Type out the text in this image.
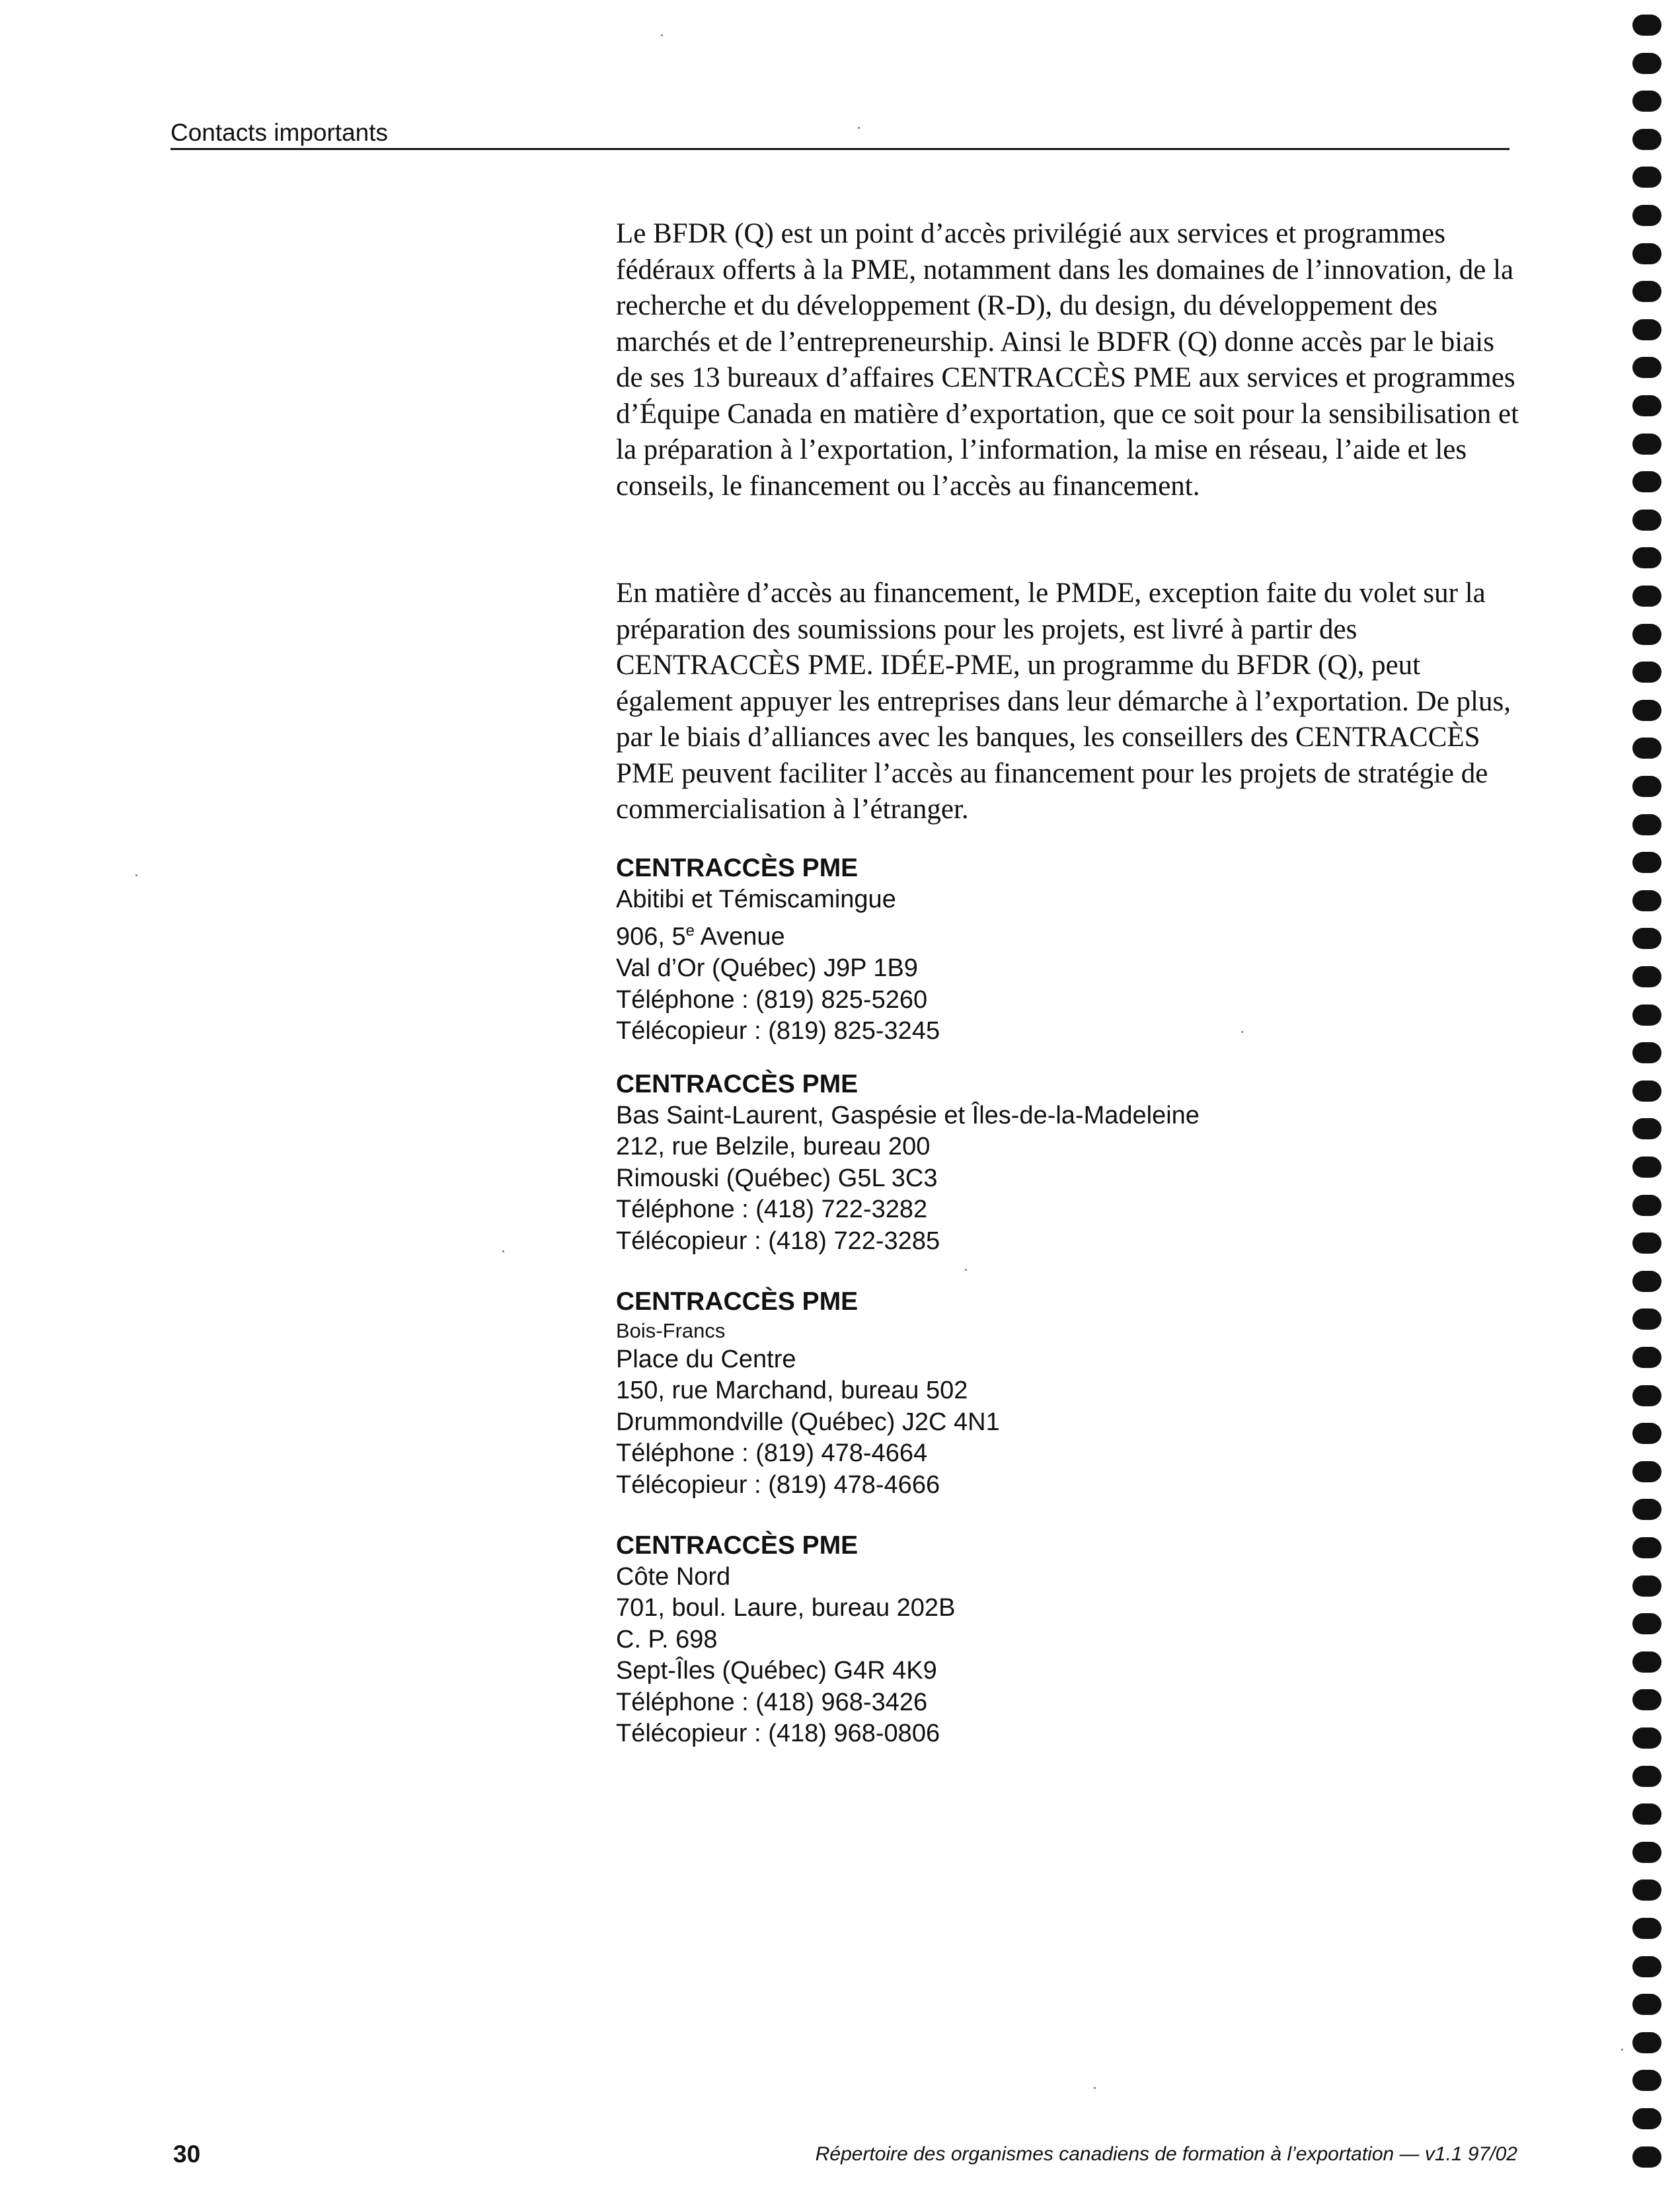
Contacts importants
Le BFDR (Q) est un point d’accès privilégié aux services et programmes fédéraux offerts à la PME, notamment dans les domaines de l’innovation, de la recherche et du développement (R-D), du design, du développement des marchés et de l’entrepreneurship. Ainsi le BDFR (Q) donne accès par le biais de ses 13 bureaux d’affaires CENTRACCÈS PME aux services et programmes d’Équipe Canada en matière d’exportation, que ce soit pour la sensibilisation et la préparation à l’exportation, l’information, la mise en réseau, l’aide et les conseils, le financement ou l’accès au financement.
En matière d’accès au financement, le PMDE, exception faite du volet sur la préparation des soumissions pour les projets, est livré à partir des CENTRACCÈS PME. IDÉE-PME, un programme du BFDR (Q), peut également appuyer les entreprises dans leur démarche à l’exportation. De plus, par le biais d’alliances avec les banques, les conseillers des CENTRACCÈS PME peuvent faciliter l’accès au financement pour les projets de stratégie de commercialisation à l’étranger.
CENTRACCÈS PME
Abitibi et Témiscamingue
906, 5e Avenue
Val d’Or (Québec) J9P 1B9
Téléphone : (819) 825-5260
Télécopieur : (819) 825-3245
CENTRACCÈS PME
Bas Saint-Laurent, Gaspésie et Îles-de-la-Madeleine
212, rue Belzile, bureau 200
Rimouski (Québec) G5L 3C3
Téléphone : (418) 722-3282
Télécopieur : (418) 722-3285
CENTRACCÈS PME
Bois-Francs
Place du Centre
150, rue Marchand, bureau 502
Drummondville (Québec) J2C 4N1
Téléphone : (819) 478-4664
Télécopieur : (819) 478-4666
CENTRACCÈS PME
Côte Nord
701, boul. Laure, bureau 202B
C. P. 698
Sept-Îles (Québec) G4R 4K9
Téléphone : (418) 968-3426
Télécopieur : (418) 968-0806
30	Répertoire des organismes canadiens de formation à l’exportation — v1.1 97/02
